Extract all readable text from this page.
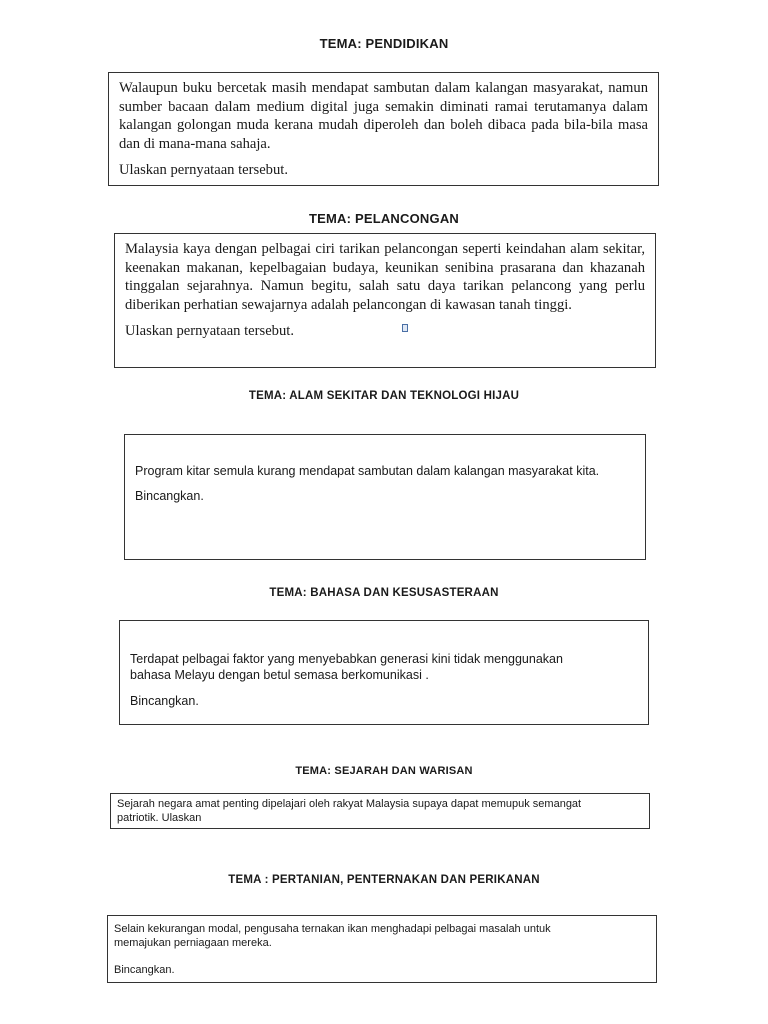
TEMA: PENDIDIKAN

Walaupun buku bercetak masih mendapat sambutan dalam kalangan masyarakat, namun sumber bacaan dalam medium digital juga semakin diminati ramai terutamanya dalam kalangan golongan muda kerana mudah diperoleh dan boleh dibaca pada bila-bila masa dan di mana-mana sahaja.

Ulaskan pernyataan tersebut.

TEMA: PELANCONGAN

Malaysia kaya dengan pelbagai ciri tarikan pelancongan seperti keindahan alam sekitar, keenakan makanan, kepelbagaian budaya, keunikan senibina prasarana dan khazanah tinggalan sejarahnya. Namun begitu, salah satu daya tarikan pelancong yang perlu diberikan perhatian sewajarnya adalah pelancongan di kawasan tanah tinggi.

Ulaskan pernyataan tersebut.

TEMA: ALAM SEKITAR DAN TEKNOLOGI HIJAU

Program kitar semula kurang mendapat sambutan dalam kalangan masyarakat kita.

Bincangkan.

TEMA: BAHASA DAN KESUSASTERAAN

Terdapat pelbagai faktor yang menyebabkan generasi kini tidak menggunakan
bahasa Melayu dengan betul semasa berkomunikasi .

Bincangkan.

TEMA: SEJARAH DAN WARISAN

Sejarah negara amat penting dipelajari oleh rakyat Malaysia supaya dapat memupuk semangat
patriotik. Ulaskan

TEMA : PERTANIAN, PENTERNAKAN DAN PERIKANAN

Selain kekurangan modal, pengusaha ternakan ikan menghadapi pelbagai masalah untuk
memajukan perniagaan mereka.

Bincangkan.
